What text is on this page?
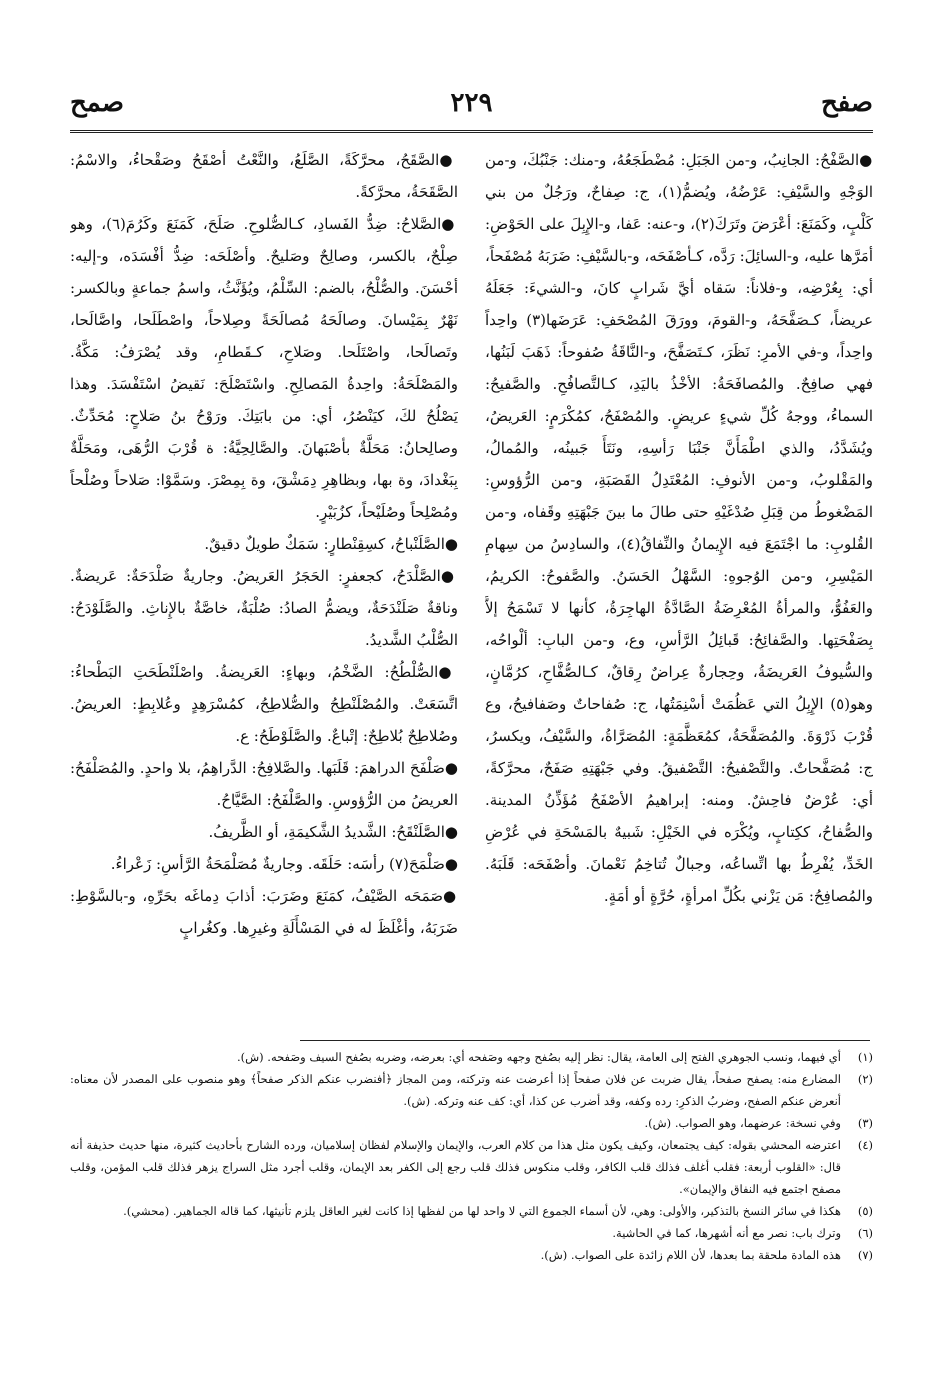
صفح
٢٢٩
صمح

●الصَّفْحُ: الجانِبُ، و-من الجَبَلِ: مُضْطَجَعُهُ، و-منك: جَنْبُكَ، و-من الوَجْهِ والسَّيْفِ: عَرْضُهُ، ويُضمُّ(١)، ج: صِفاحٌ، ورَجُلٌ من بني كَلْبٍ، وكَمَنَعَ: أعْرَضَ وتَرَكَ(٢)، و-عنه: عَفا، و-الإِبِلَ على الحَوْضِ: أمَرَّها عليه، و-السائِلَ: رَدَّه، كـأصْفَحَه، و-بالسَّيْفِ: ضَرَبَهُ مُصْفَحاً، أي: بِعُرْضِه، و-فلاناً: سَقاه أيَّ شَرابٍ كانَ، و-الشيءَ: جَعَلَهُ عريضاً، كـصَفَّحَهُ، و-القومَ، وورَقَ المُصْحَفِ: عَرَضَها(٣) واحِداً واحِداً، و-في الأمرِ: نَظَرَ، كـتَصَفَّحَ، و-النَّاقَةُ صُفوحاً: ذَهَبَ لَبَنُها، فهي صافِحٌ. والمُصافَحَةُ: الأخْذُ باليَدِ، كـالتَّصافُحِ. والصَّفيحُ: السماءُ، ووجهُ كُلِّ شيءٍ عريضٍ. والمُصْفَحُ، كمُكْرَمٍ: العَريضُ، ويُشَدَّدُ، والذي اطْمَأَنَّ جَنْبَا رَأسِهِ، ونَتَأَ جَبينُه، والمُمالُ، والمَقْلوبُ، و-من الأنوفِ: المُعْتَدِلُ القَصَبَةِ، و-من الرُّؤوسِ: المَضْغوطُ من قِبَلِ صُدْغَيْهِ حتى طالَ ما بينَ جَبْهَتِهِ وقَفاه، و-من القُلوبِ: ما اجْتَمَعَ فيه الإِيمانُ والنِّفاقُ(٤)، والسادِسُ من سِهامِ المَيْسِرِ، و-من الوُجوهِ: السَّهْلُ الحَسَنُ. والصَّفوحُ: الكريمُ، والعَفُوُّ، والمرأةُ المُعْرِضَةُ الصَّادَّةُ الهاجِرَةُ، كأنها لا تَسْمَحُ إلاَّ بِصَفْحَتِها. والصَّفائِحُ: قَبائِلُ الرَّأسِ، وع، و-من البابِ: ألْواحُه، والسُّيوفُ العَريضَةُ، وحِجارةٌ عِراضٌ رِقاقٌ، كـالصُّفَّاحِ، كرُمَّانٍ، وهو(٥) الإِبِلُ التي عَظُمَتْ أسْنِمَتُها، ج: صُفاحاتٌ وصَفافيحُ، وع قُرْبَ ذَرْوَةَ. والمُصَفَّحَةُ، كمُعَظَّمَةٍ: المُصَرَّاةُ، والسَّيْفُ، ويكسرُ، ج: مُصَفَّحاتٌ. والتَّصْفيحُ: التَّصْفيقُ. وفي جَبْهَتِهِ صَفَحٌ، محرَّكةً، أي: عُرْضٌ فاحِشٌ. ومنه: إبراهيمُ الأصْفَحُ مُؤَذِّنُ المدينة. والصُّفاحُ، ككِتابٍ، ويُكْرَه في الخَيْلِ: شَبيهٌ بالمَسْحَةِ في عُرْضِ الخَدِّ، يُفْرِطُ بها اتِّساعُه، وجبالٌ تُتاخِمُ نَعْمانَ. وأصْفَحَه: قَلَبَهُ. والمُصافِحُ: مَن يَزْني بكُلِّ امرأةٍ، حُرَّةٍ أو أمَةٍ.

●الصَّقَحُ، محرَّكَةً، الصَّلَعُ، والنَّعْتُ أصْقَحُ وصَقْحاءُ، والاسْمُ: الصَّقَحَةُ، محرَّكةً.

●الصَّلاحُ: ضِدُّ الفَسادِ، كـالصُّلوحِ. صَلَحَ، كَمَنَعَ وكَرُمَ(٦)، وهو صِلْحٌ، بالكسر، وصالِحٌ وصَليحٌ. وأصْلَحَه: ضِدُّ أفْسَدَه، و-إليه: أحْسَنَ. والصُّلْحُ، بالضم: السِّلْمُ، ويُؤَنَّثُ، واسمُ جماعةٍ وبالكسر: نَهْرٌ بِمَيْسانَ. وصالَحَهُ مُصالَحَةً وصِلاحاً، واصْطَلَحا، واصَّالَحا، وتَصالَحا، واصْتَلَحا. وصَلاحِ، كـقَطامِ، وقد يُصْرَفُ: مَكَّةُ. والمَصْلَحَةُ: واحِدةُ المَصالِحِ. واسْتَصْلَحَ: نَقيضُ اسْتَفْسَدَ. وهذا يَصْلُحُ لكَ، كيَنْصُرُ، أي: من بابَتِكَ. ورَوْحُ بنُ صَلاحٍ: مُحَدِّثٌ. وصالِحانُ: مَحَلَّةٌ بأصْبَهانَ. والصَّالِحِيَّةُ: ة قُرْبَ الرُّهَى، ومَحَلَّةٌ بِبَغْدادَ، وة بها، وبظاهِرِ دِمَشْقَ، وة بِمِصْرَ. وسَمَّوْا: صَلاحاً وصُلْحاً ومُصْلِحاً وصُلَيْحاً، كزُبَيْرٍ.

●الصَّلَنْباحُ، كسِقِنْطارٍ: سَمَكٌ طويلٌ دقيقٌ.

●الصَّلْدَحُ، كجعفرٍ: الحَجَرُ العَريضُ. وجاريةٌ صَلْدَحَةٌ: عَريضةٌ. وناقةٌ صَلَنْدَحَةٌ، ويضمُّ الصادُ: صُلْبَةٌ، خاصَّةٌ بالإِناثِ. والصَّلَوْدَحُ: الصُّلْبُ الشَّديدُ.

●الصُّلْطُحُ: الضَّخْمُ، وبهاءٍ: العَريضةُ. واصْلَنْطَحَتِ البَطْحاءُ: اتَّسَعَتْ. والمُصْلَنْطِحُ والصُّلاطِحُ، كمُسْرَهِدٍ وعُلابِطٍ: العريضُ. وصُلاطِحٌ بُلاطِحٌ: إتْباعٌ. والصَّلَوْطَحُ: ع.

●صَلْفَحَ الدراهمَ: قَلَبَها. والصَّلافِحُ: الدَّراهِمُ، بلا واحدٍ. والمُصَلْفَحُ: العريضُ من الرُّؤوسِ. والصَّلْفَحُ: الصَّيَّاحُ.

●الصَّلَنْقَحُ: الشَّديدُ الشَّكيمَةِ، أو الظَّريفُ.

●صَلْمَحَ(٧) رأسَه: حَلَقَه. وجاريةٌ مُصَلْمَحَةُ الرَّأسِ: زَعْراءُ.

●صَمَحَه الصَّيْفُ، كمَنَعَ وضَرَبَ: أذابَ دِماغَه بحَرِّهِ، و-بالسَّوْطِ: ضَرَبَهُ، وأغْلَظَ له في المَسْأَلَةِ وغيرِها. وكغُرابٍ

(١)
أي فيهما، ونسب الجوهري الفتح إلى العامة، يقال: نظر إليه بصُفح وجهه وصَفحه أي: بعرضه، وضربه بصُفح السيف وصَفحه. (ش).
(٢)
المضارع منه: يصفح صفحاً، يقال ضربت عن فلان صفحاً إذا أعرضت عنه وتركته، ومن المجاز ﴿أفنضرب عنكم الذكر صفحاً﴾ وهو منصوب على المصدر لأن معناه: أنعرض عنكم الصفح، وضربُ الذكرِ: رده وكفه، وقد أضرب عن كذا، أي: كف عنه وتركه. (ش).
(٣)
وفي نسخة: عرضهما، وهو الصواب. (ش).
(٤)
اعترضه المحشي بقوله: كيف يجتمعان، وكيف يكون مثل هذا من كلام العرب، والإيمان والإسلام لفظان إسلاميان، ورده الشارح بأحاديث كثيرة، منها حديث حذيفة أنه قال: «القلوب أربعة: فقلب أغلف فذلك قلب الكافر، وقلب منكوس فذلك قلب رجع إلى الكفر بعد الإيمان، وقلب أجرد مثل السراج يزهر فذلك قلب المؤمن، وقلب مصفح اجتمع فيه النفاق والإيمان».
(٥)
هكذا في سائر النسخ بالتذكير، والأولى: وهي، لأن أسماء الجموع التي لا واحد لها من لفظها إذا كانت لغير العاقل يلزم تأنيثها، كما قاله الجماهير. (محشي).
(٦)
وترك باب: نصر مع أنه أشهرها، كما في الحاشية.
(٧)
هذه المادة ملحقة بما بعدها، لأن اللام زائدة على الصواب. (ش).
